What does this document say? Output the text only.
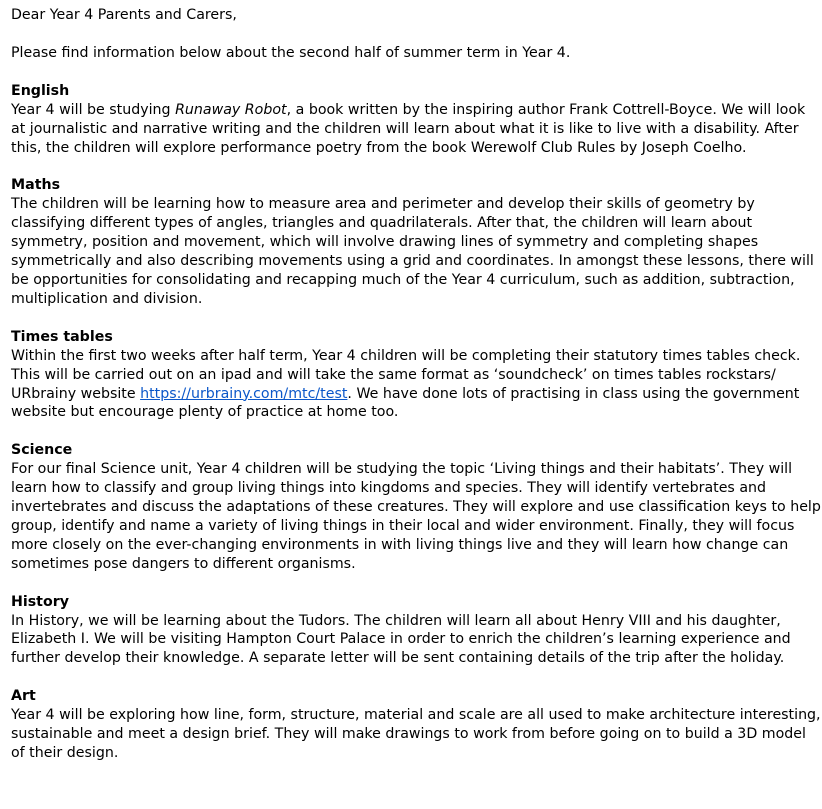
Dear Year 4 Parents and Carers,

Please find information below about the second half of summer term in Year 4.

English

Year 4 will be studying Runaway Robot, a book written by the inspiring author Frank Cottrell-Boyce. We will look at journalistic and narrative writing and the children will learn about what it is like to live with a disability. After this, the children will explore performance poetry from the book Werewolf Club Rules by Joseph Coelho.

Maths

The children will be learning how to measure area and perimeter and develop their skills of geometry by classifying different types of angles, triangles and quadrilaterals. After that, the children will learn about symmetry, position and movement, which will involve drawing lines of symmetry and completing shapes symmetrically and also describing movements using a grid and coordinates. In amongst these lessons, there will be opportunities for consolidating and recapping much of the Year 4 curriculum, such as addition, subtraction, multiplication and division.

Times tables

Within the first two weeks after half term, Year 4 children will be completing their statutory times tables check. This will be carried out on an ipad and will take the same format as ‘soundcheck’ on times tables rockstars/ URbrainy website https://urbrainy.com/mtc/test. We have done lots of practising in class using the government website but encourage plenty of practice at home too.

Science

For our final Science unit, Year 4 children will be studying the topic ‘Living things and their habitats’. They will learn how to classify and group living things into kingdoms and species. They will identify vertebrates and invertebrates and discuss the adaptations of these creatures. They will explore and use classification keys to help group, identify and name a variety of living things in their local and wider environment. Finally, they will focus more closely on the ever-changing environments in with living things live and they will learn how change can sometimes pose dangers to different organisms.

History

In History, we will be learning about the Tudors. The children will learn all about Henry VIII and his daughter, Elizabeth I. We will be visiting Hampton Court Palace in order to enrich the children’s learning experience and further develop their knowledge. A separate letter will be sent containing details of the trip after the holiday.

Art

Year 4 will be exploring how line, form, structure, material and scale are all used to make architecture interesting, sustainable and meet a design brief. They will make drawings to work from before going on to build a 3D model of their design.
